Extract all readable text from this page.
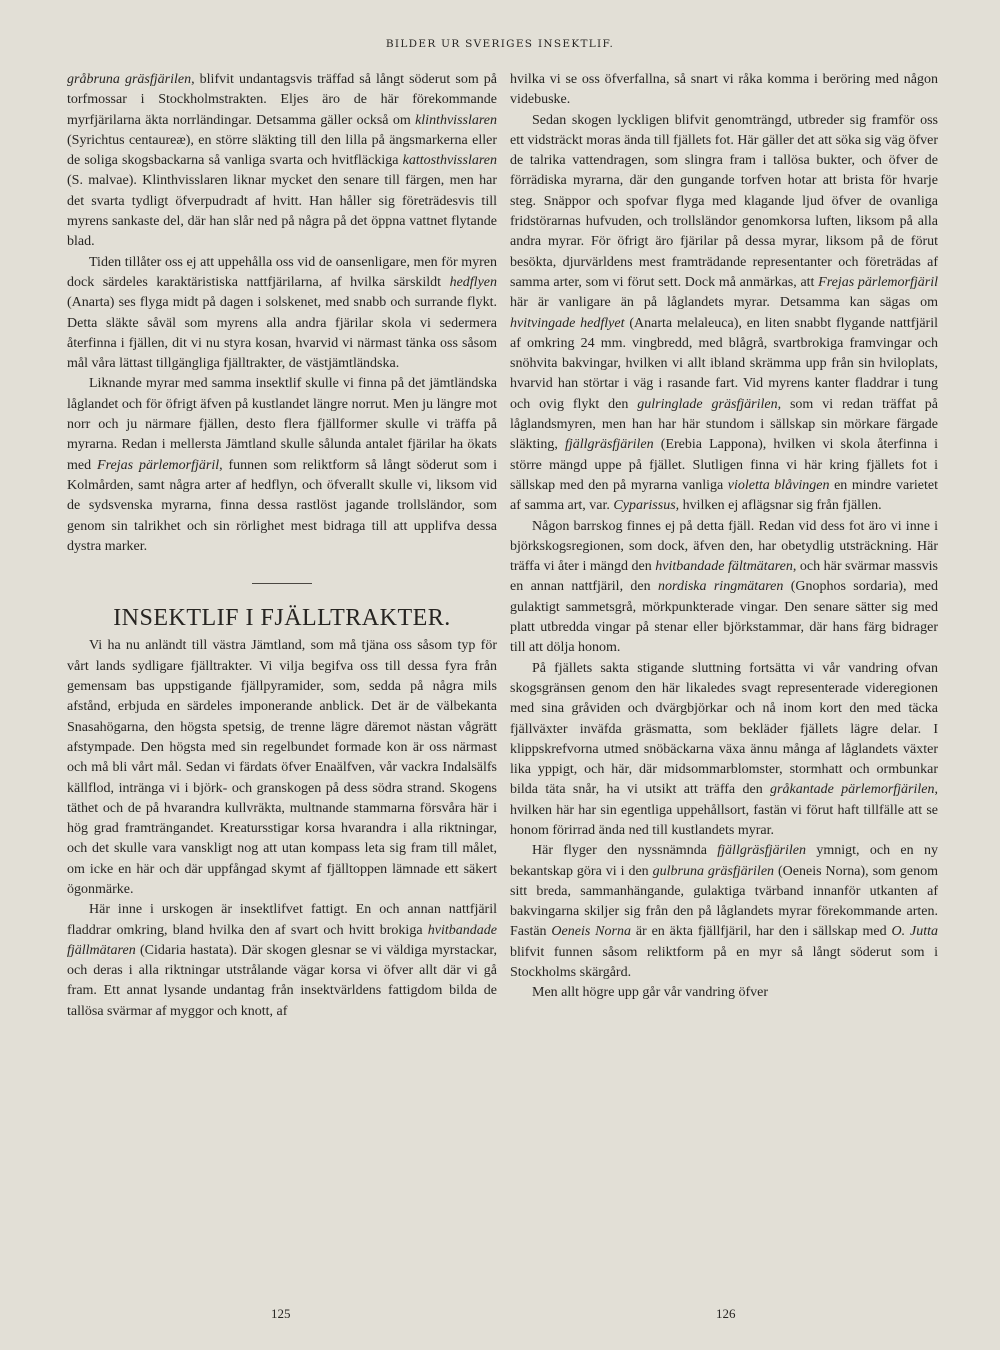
BILDER UR SVERIGES INSEKTLIF.

gråbruna gräsfjärilen, blifvit undantagsvis träffad så långt söderut som på torfmossar i Stockholmstrakten. Eljes äro de här förekommande myrfjärilarna äkta norrländingar. Detsamma gäller också om klinthvisslaren (Syrichtus centaureæ), en större släkting till den lilla på ängsmarkerna eller de soliga skogsbackarna så vanliga svarta och hvitfläckiga kattosthvisslaren (S. malvae). Klinthvisslaren liknar mycket den senare till färgen, men har det svarta tydligt öfverpudradt af hvitt. Han håller sig företrädesvis till myrens sankaste del, där han slår ned på några på det öppna vattnet flytande blad.

Tiden tillåter oss ej att uppehålla oss vid de oansenligare, men för myren dock särdeles karaktäristiska nattfjärilarna, af hvilka särskildt hedflyen (Anarta) ses flyga midt på dagen i solskenet, med snabb och surrande flykt. Detta släkte såväl som myrens alla andra fjärilar skola vi sedermera återfinna i fjällen, dit vi nu styra kosan, hvarvid vi närmast tänka oss såsom mål våra lättast tillgängliga fjälltrakter, de västjämtländska.

Liknande myrar med samma insektlif skulle vi finna på det jämtländska låglandet och för öfrigt äfven på kustlandet längre norrut. Men ju längre mot norr och ju närmare fjällen, desto flera fjällformer skulle vi träffa på myrarna. Redan i mellersta Jämtland skulle sålunda antalet fjärilar ha ökats med Frejas pärlemorfjäril, funnen som reliktform så långt söderut som i Kolmården, samt några arter af hedflyn, och öfverallt skulle vi, liksom vid de sydsvenska myrarna, finna dessa rastlöst jagande trollsländor, som genom sin talrikhet och sin rörlighet mest bidraga till att upplifva dessa dystra marker.

INSEKTLIF I FJÄLLTRAKTER.

Vi ha nu anländt till västra Jämtland, som må tjäna oss såsom typ för vårt lands sydligare fjälltrakter. Vi vilja begifva oss till dessa fyra från gemensam bas uppstigande fjällpyramider, som, sedda på några mils afstånd, erbjuda en särdeles imponerande anblick. Det är de välbekanta Snasahögarna, den högsta spetsig, de trenne lägre däremot nästan vågrätt afstympade. Den högsta med sin regelbundet formade kon är oss närmast och må bli vårt mål. Sedan vi färdats öfver Enaälfven, vår vackra Indalsälfs källflod, intränga vi i björk- och granskogen på dess södra strand. Skogens täthet och de på hvarandra kullvräkta, multnande stammarna försvåra här i hög grad framträngandet. Kreatursstigar korsa hvarandra i alla riktningar, och det skulle vara vanskligt nog att utan kompass leta sig fram till målet, om icke en här och där uppfångad skymt af fjälltoppen lämnade ett säkert ögonmärke.

Här inne i urskogen är insektlifvet fattigt. En och annan nattfjäril fladdrar omkring, bland hvilka den af svart och hvitt brokiga hvitbandade fjällmätaren (Cidaria hastata). Där skogen glesnar se vi väldiga myrstackar, och deras i alla riktningar utstrålande vägar korsa vi öfver allt där vi gå fram. Ett annat lysande undantag från insektvärldens fattigdom bilda de tallösa svärmar af myggor och knott, af

hvilka vi se oss öfverfallna, så snart vi råka komma i beröring med någon videbuske.

Sedan skogen lyckligen blifvit genomträngd, utbreder sig framför oss ett vidsträckt moras ända till fjällets fot. Här gäller det att söka sig väg öfver de talrika vattendragen, som slingra fram i tallösa bukter, och öfver de förrädiska myrarna, där den gungande torfven hotar att brista för hvarje steg. Snäppor och spofvar flyga med klagande ljud öfver de ovanliga fridstörarnas hufvuden, och trollsländor genomkorsa luften, liksom på alla andra myrar. För öfrigt äro fjärilar på dessa myrar, liksom på de förut besökta, djurvärldens mest framträdande representanter och företrädas af samma arter, som vi förut sett. Dock må anmärkas, att Frejas pärlemorfjäril här är vanligare än på låglandets myrar. Detsamma kan sägas om hvitvingade hedflyet (Anarta melaleuca), en liten snabbt flygande nattfjäril af omkring 24 mm. vingbredd, med blågrå, svartbrokiga framvingar och snöhvita bakvingar, hvilken vi allt ibland skrämma upp från sin hviloplats, hvarvid han störtar i väg i rasande fart. Vid myrens kanter fladdrar i tung och ovig flykt den gulringlade gräsfjärilen, som vi redan träffat på låglandsmyren, men han har här stundom i sällskap sin mörkare färgade släkting, fjällgräsfjärilen (Erebia Lappona), hvilken vi skola återfinna i större mängd uppe på fjället. Slutligen finna vi här kring fjällets fot i sällskap med den på myrarna vanliga violetta blåvingen en mindre varietet af samma art, var. Cyparissus, hvilken ej aflägsnar sig från fjällen.

Någon barrskog finnes ej på detta fjäll. Redan vid dess fot äro vi inne i björkskogsregionen, som dock, äfven den, har obetydlig utsträckning. Här träffa vi åter i mängd den hvitbandade fältmätaren, och här svärmar massvis en annan nattfjäril, den nordiska ringmätaren (Gnophos sordaria), med gulaktigt sammetsgrå, mörkpunkterade vingar. Den senare sätter sig med platt utbredda vingar på stenar eller björkstammar, där hans färg bidrager till att dölja honom.

På fjällets sakta stigande sluttning fortsätta vi vår vandring ofvan skogsgränsen genom den här likaledes svagt representerade videregionen med sina gråviden och dvärgbjörkar och nå inom kort den med täcka fjällväxter inväfda gräsmatta, som bekläder fjällets lägre delar. I klippskrefvorna utmed snöbäckarna växa ännu många af låglandets växter lika yppigt, och här, där midsommarblomster, stormhatt och ormbunkar bilda täta snår, ha vi utsikt att träffa den gråkantade pärlemorfjärilen, hvilken här har sin egentliga uppehållsort, fastän vi förut haft tillfälle att se honom förirrad ända ned till kustlandets myrar.

Här flyger den nyssnämnda fjällgräsfjärilen ymnigt, och en ny bekantskap göra vi i den gulbruna gräsfjärilen (Oeneis Norna), som genom sitt breda, sammanhängande, gulaktiga tvärband innanför utkanten af bakvingarna skiljer sig från den på låglandets myrar förekommande arten. Fastän Oeneis Norna är en äkta fjällfjäril, har den i sällskap med O. Jutta blifvit funnen såsom reliktform på en myr så långt söderut som i Stockholms skärgård.

Men allt högre upp går vår vandring öfver

125	126
